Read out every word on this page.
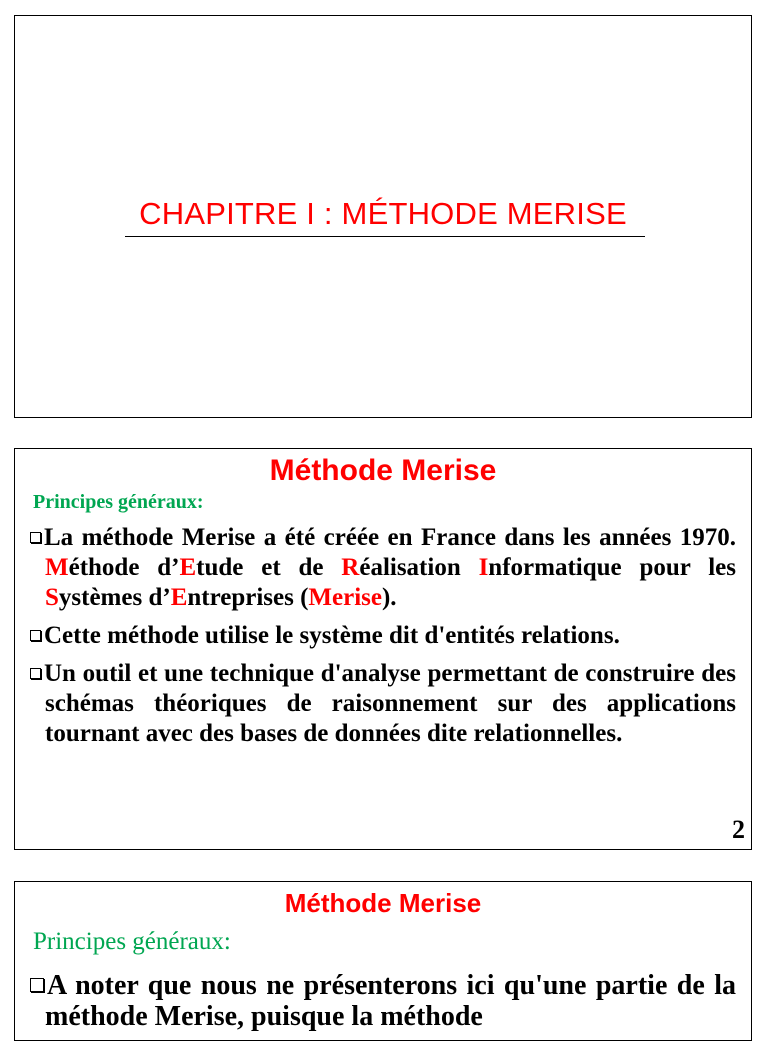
CHAPITRE I : MÉTHODE MERISE
Méthode Merise

Principes généraux:

La méthode Merise a été créée en France dans les années 1970. Méthode d’Etude et de Réalisation Informatique pour les Systèmes d’Entreprises (Merise).

Cette méthode utilise le système dit d'entités relations.

Un outil et une technique d'analyse permettant de construire des schémas théoriques de raisonnement sur des applications tournant avec des bases de données dite relationnelles.

2
Méthode Merise

Principes généraux:

A noter que nous ne présenterons ici qu'une partie de la méthode Merise, puisque la méthode
